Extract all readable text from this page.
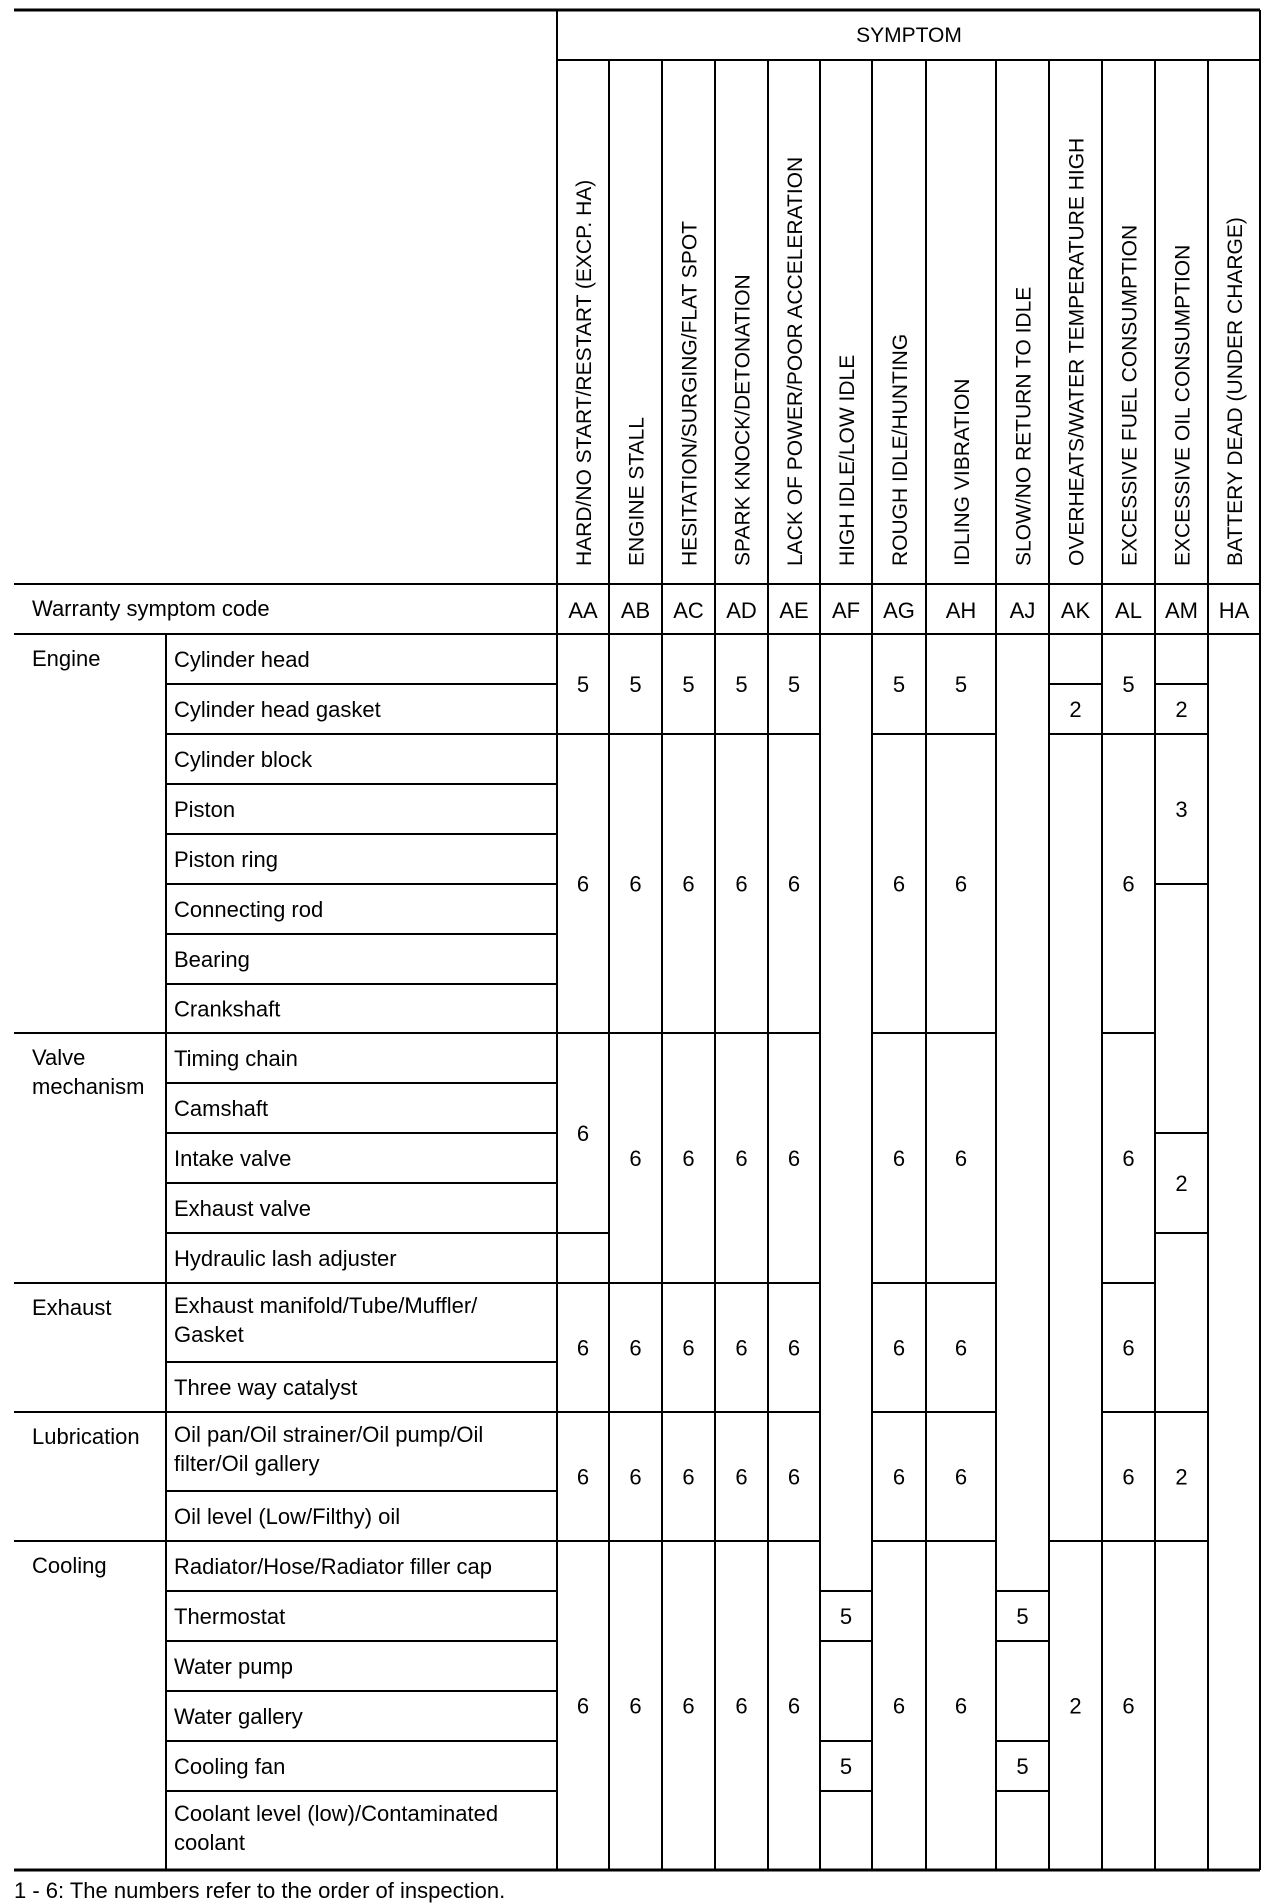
SYMPTOM
Warranty symptom code
HARD/NO START/RESTART (EXCP. HA)
AA
ENGINE STALL
AB
HESITATION/SURGING/FLAT SPOT
AC
SPARK KNOCK/DETONATION
AD
LACK OF POWER/POOR ACCELERATION
AE
HIGH IDLE/LOW IDLE
AF
ROUGH IDLE/HUNTING
AG
IDLING VIBRATION
AH
SLOW/NO RETURN TO IDLE
AJ
OVERHEATS/WATER TEMPERATURE HIGH
AK
EXCESSIVE FUEL CONSUMPTION
AL
EXCESSIVE OIL CONSUMPTION
AM
BATTERY DEAD (UNDER CHARGE)
HA
Engine
Valve
mechanism
Exhaust
Lubrication
Cooling
Cylinder head
Cylinder head gasket
Cylinder block
Piston
Piston ring
Connecting rod
Bearing
Crankshaft
Timing chain
Camshaft
Intake valve
Exhaust valve
Hydraulic lash adjuster
Exhaust manifold/Tube/Muffler/
Gasket
Three way catalyst
Oil pan/Oil strainer/Oil pump/Oil
filter/Oil gallery
Oil level (Low/Filthy) oil
Radiator/Hose/Radiator filler cap
Thermostat
Water pump
Water gallery
Cooling fan
Coolant level (low)/Contaminated
coolant
5
6
6
6
6
6
5
6
6
6
6
6
5
6
6
6
6
6
5
6
6
6
6
6
5
6
6
6
6
6
5
5
5
6
6
6
6
6
5
6
6
6
6
6
5
5
2
2
5
6
6
6
6
6
2
3
2
2
1 - 6: The numbers refer to the order of inspection.
